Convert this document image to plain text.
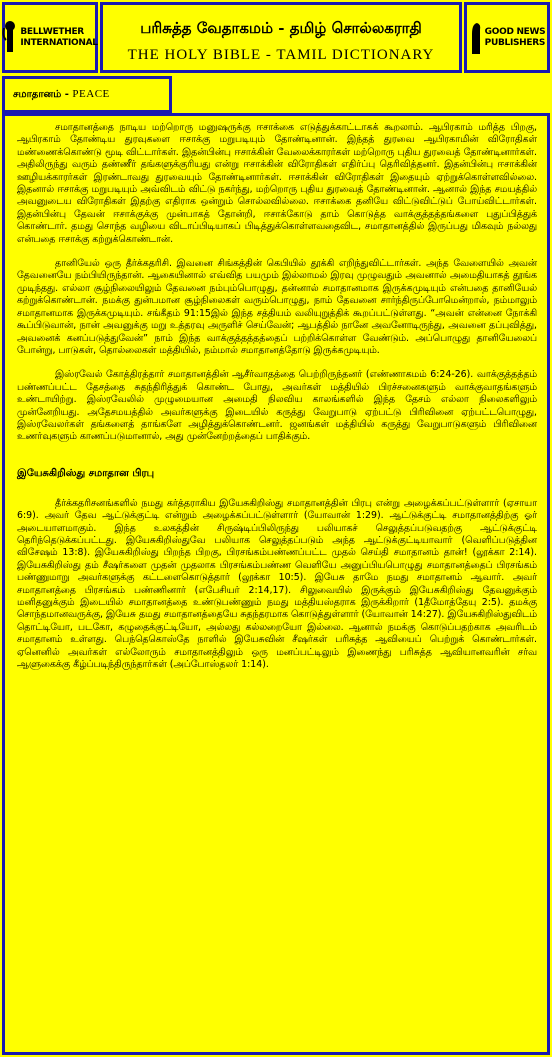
BELLWETHER
INTERNATIONAL
பரிசுத்த வேதாகமம் - தமிழ் சொல்லகராதி
THE HOLY BIBLE - TAMIL DICTIONARY
GOOD NEWS
PUBLISHERS
சமாதானம் - PEACE

சமாதானத்தை நாடிய மற்றொரு மனுஷருக்கு ஈசாக்கை எடுத்துக்காட்டாகக் கூறலாம். ஆபிரகாம் மரித்த பிறகு, ஆபிரகாம் தோண்டிய துரவுகளை ஈசாக்கு மறுபடியும் தோண்டினான். இந்தத் துரவை ஆபிரகாமின் விரோதிகள் மண்ணைக்கொண்டு மூடி விட்டார்கள். இதன்பின்பு ஈசாக்கின் வேலைக்காரர்கள் மற்றொரு புதிய துரவைத் தோண்டினார்கள். அதிலிருந்து வரும் தண்ணீர் தங்களுக்குரியது என்று ஈசாக்கின் விரோதிகள் எதிர்ப்பு தெரிவித்தனர். இதன்பின்பு ஈசாக்கின் ஊழியக்காரர்கள் இரண்டாவது துரவையும் தோண்டினார்கள். ஈசாக்கின் விரோதிகள் இதையும் ஏற்றுக்கொள்ளவில்லை. இதனால் ஈசாக்கு மறுபடியும் அவ்விடம் விட்டு நகர்ந்து, மற்றொரு புதிய துரவைத் தோண்டினான். ஆனால் இந்த சமயத்தில் அவனுடைய விரோதிகள் இதற்கு எதிராக ஒன்றும் சொல்லவில்லை. ஈசாக்கை தனியே விட்டுவிட்டுப் போய்விட்டார்கள். இதன்பின்பு தேவன் ஈசாக்குக்கு முன்பாகத் தோன்றி, ஈசாக்கோடு தாம் கொடுத்த வாக்குத்தத்தங்களை புதுப்பித்துக் கொண்டார். தமது சொந்த வழியை விடாப்பிடியாகப் பிடித்துக்கொள்ளவதைவிட, சமாதானத்தில் இருப்பது மிகவும் நல்லது என்பதை ஈசாக்கு கற்றுக்கொண்டான்.

தானியேல் ஒரு தீர்க்கதரிசி. இவனை சிங்கத்தின் கெபியில் தூக்கி எறிந்துவிட்டார்கள். அந்த வேளையில் அவன் தேவனையே நம்பியிருந்தான். ஆகையினால் எவ்வித பயமும் இல்லாமல் இரவு முழுவதும் அவனால் அமைதியாகத் தூங்க முடிந்தது. எல்லா சூழ்நிலையிலும் தேவனை நம்பும்பொழுது, தன்னால் சமாதானமாக இருக்கமுடியும் என்பதை தானியேல் கற்றுக்கொண்டான். நமக்கு துன்பமான சூழ்நிலைகள் வரும்பொழுது, நாம் தேவனை சார்ந்திருப்போமென்றால், நம்மாலும் சமாதானமாக இருக்கமுடியும். சங்கீதம் 91:15இல் இந்த சத்தியம் வலியுறுத்திக் கூறப்பட்டுள்ளது. “அவன் என்னை நோக்கி கூப்பிடுவான், நான் அவனுக்கு மறு உத்தரவு அருளிச் செய்வேன்; ஆபத்தில் நானே அவனோடிருந்து, அவனை தப்புவித்து, அவனைக் கனப்படுத்துவேன்” நாம் இந்த வாக்குத்தத்தத்தைப் பற்றிக்கொள்ள வேண்டும். அப்பொழுது தானியேலைப் போன்று, பாடுகள், தொல்லைகள் மத்தியில், நம்மால் சமாதானத்தோடு இருக்கமுடியும்.

இஸ்ரவேல் கோத்திரத்தார் சமாதானத்தின் ஆசீர்வாதத்தை பெற்றிருந்தனர் (எண்ணாகமம் 6:24-26). வாக்குத்தத்தம் பண்ணப்பட்ட தேசத்தை சுதந்திரித்துக் கொண்ட போது, அவர்கள் மத்தியில் பிரச்சனைகளும் வாக்குவாதங்களும் உண்டாயிற்று. இஸ்ரவேலில் முழுமையான அமைதி நிலவிய காலங்களில் இந்த தேசம் எல்லா நிலைகளிலும் முன்னேறியது. அதேசமயத்தில் அவர்களுக்கு இடையில் கருத்து வேறுபாடு ஏற்பட்டு பிரிவினை ஏற்பட்டபொழுது, இஸ்ரவேலர்கள் தங்களைத் தாங்களே அழித்துக்கொண்டனர். ஜனங்கள் மத்தியில் கருத்து வேறுபாடுகளும் பிரிவினை உணர்வுகளும் காணப்படுமானால், அது முன்னேற்றத்தைப் பாதிக்கும்.

இயேசுகிறிஸ்து சமாதான பிரபு

தீர்க்கதரிசனங்களில் நமது கர்த்தராகிய இயேசுகிறிஸ்து சமாதானத்தின் பிரபு என்று அழைக்கப்பட்டுள்ளார் (ஏசாயா 6:9). அவர் தேவ ஆட்டுக்குட்டி என்றும் அழைக்கப்பட்டுள்ளார் (யோவான் 1:29). ஆட்டுக்குட்டி சமாதானத்திற்கு ஓர் அடையாளமாகும். இந்த உலகத்தின் சிருஷ்டிப்பிலிருந்து பலியாகச் செலுத்தப்படுவதற்கு ஆட்டுக்குட்டி தெரிந்தெடுக்கப்பட்டது. இயேசுகிறிஸ்துவே பலியாக செலுத்தப்படும் அந்த ஆட்டுக்குட்டியாவார் (வெளிப்படுத்தின விசேஷம் 13:8). இயேசுகிறிஸ்து பிறந்த பிறகு, பிரசங்கம்பண்ணப்பட்ட முதல் செய்தி சமாதானம் தான்! (லூக்கா 2:14). இயேசுகிறிஸ்து தம் சீஷர்களை முதன் முதலாக பிரசங்கம்பண்ண வெளியே அனுப்பியபொழுது சமாதானத்தைப் பிரசங்கம் பண்ணுமாறு அவர்களுக்கு கட்டளைகொடுத்தார் (லூக்கா 10:5). இயேசு தாமே நமது சமாதானம் ஆவார். அவர் சமாதானத்தை பிரசங்கம் பண்ணினார் (எபேசியர் 2:14,17). சிலுவையில் இருக்கும் இயேசுகிறிஸ்து தேவனுக்கும் மனிதனுக்கும் இடையில் சமாதானத்தை உண்டுபண்ணும் நமது மத்தியஸ்தராக இருக்கிறார் (1தீமோத்தேயு 2:5). தமக்கு சொந்தமானவருக்கு, இயேசு தமது சமாதானத்தையே சுதந்தரமாக கொடுத்துள்ளார் (யோவான் 14:27). இயேசுகிறிஸ்துவிடம் தொட்டியோ, படகோ, கழுதைக்குட்டியோ, அல்லது கல்லறையோ இல்லை. ஆனால் நமக்கு கொடுப்பதற்காக அவரிடம் சமாதானம் உள்ளது. பெந்தெகொஸ்தே நாளில் இயேசுவின் சீஷர்கள் பரிசுத்த ஆவியைப் பெற்றுக் கொண்டார்கள். ஏனெனில் அவர்கள் எல்லோரும் சமாதானத்திலும் ஒரு மனப்பட்டிலும் இணைந்து பரிசுத்த ஆவியானவரின் சர்வ ஆளுகைக்கு கீழ்ப்படிந்திருந்தார்கள் (அப்போஸ்தலர் 1:14).
